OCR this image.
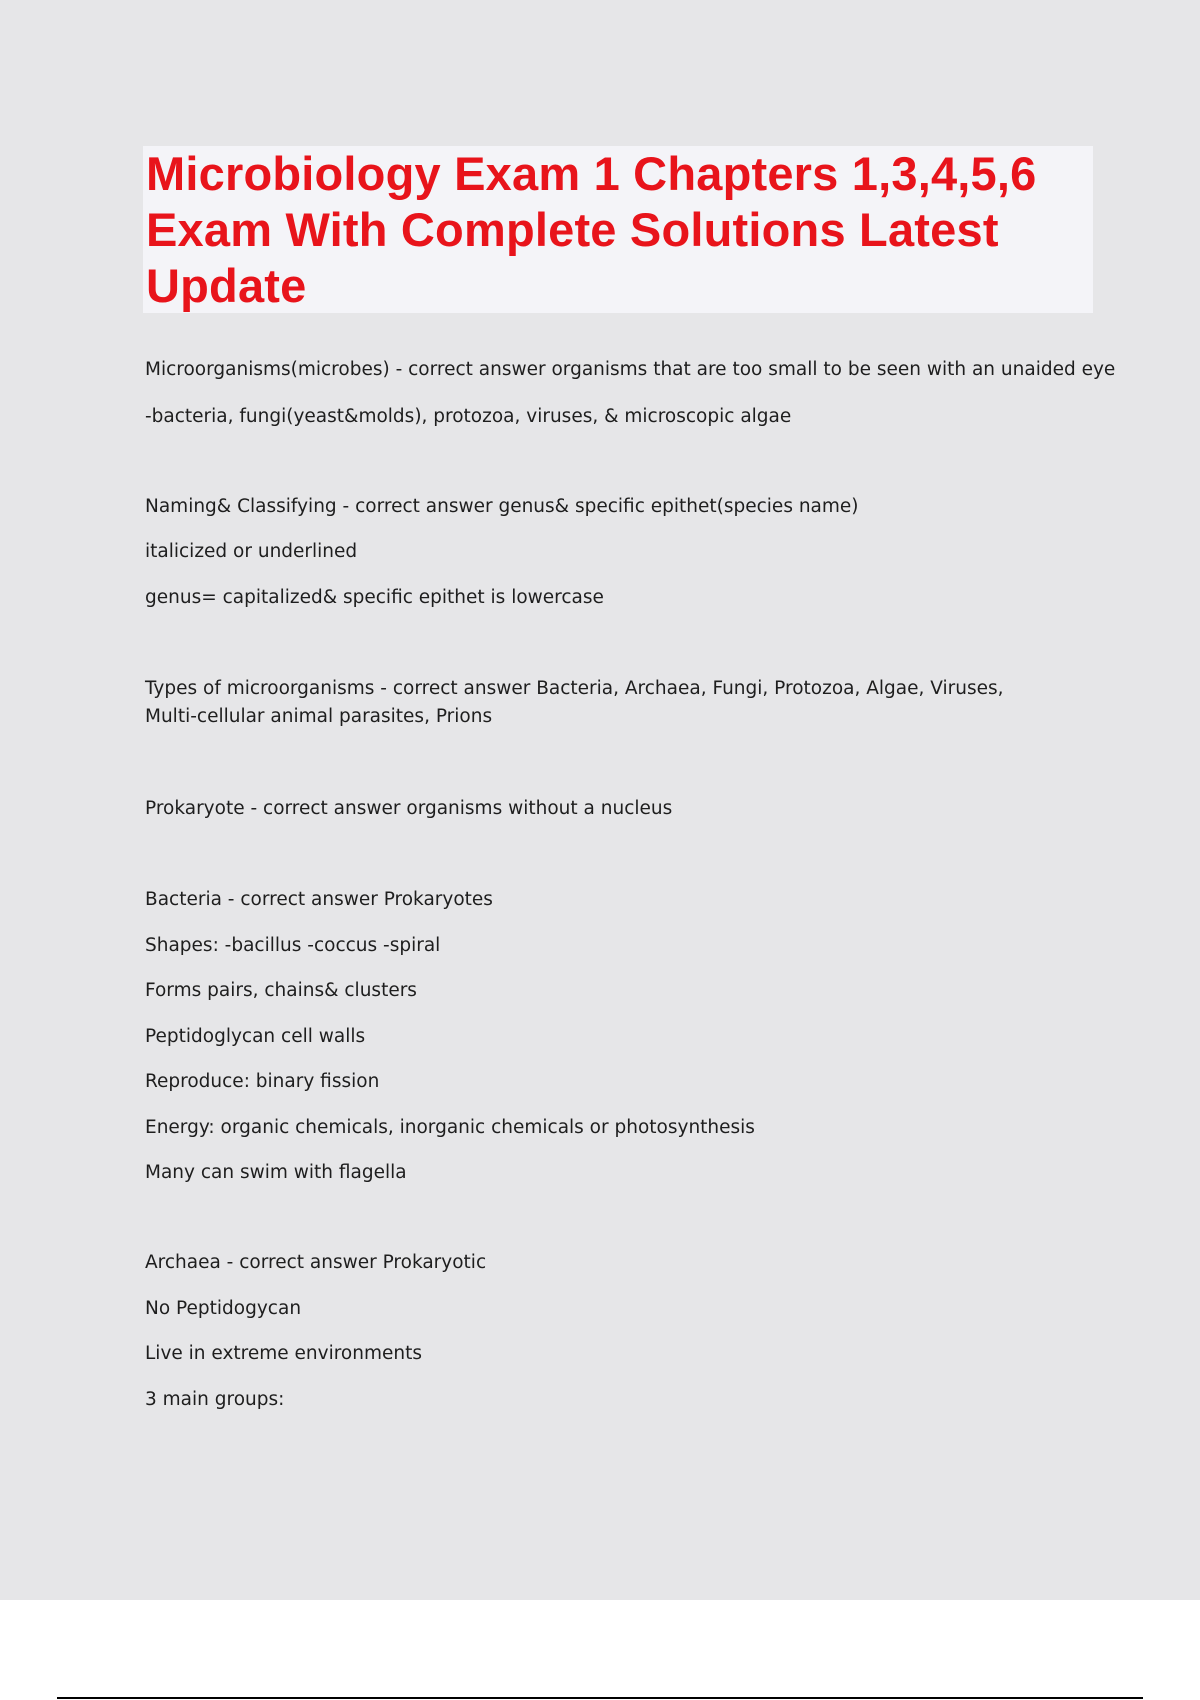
Microbiology Exam 1 Chapters 1,3,4,5,6 Exam With Complete Solutions Latest Update
Microorganisms(microbes) - correct answer organisms that are too small to be seen with an unaided eye
-bacteria, fungi(yeast&molds), protozoa, viruses, & microscopic algae
Naming& Classifying - correct answer genus& specific epithet(species name)
italicized or underlined
genus= capitalized& specific epithet is lowercase
Types of microorganisms - correct answer Bacteria, Archaea, Fungi, Protozoa, Algae, Viruses, Multi-cellular animal parasites, Prions
Prokaryote - correct answer organisms without a nucleus
Bacteria - correct answer Prokaryotes
Shapes: -bacillus -coccus -spiral
Forms pairs, chains& clusters
Peptidoglycan cell walls
Reproduce: binary fission
Energy: organic chemicals, inorganic chemicals or photosynthesis
Many can swim with flagella
Archaea - correct answer Prokaryotic
No Peptidogycan
Live in extreme environments
3 main groups:
